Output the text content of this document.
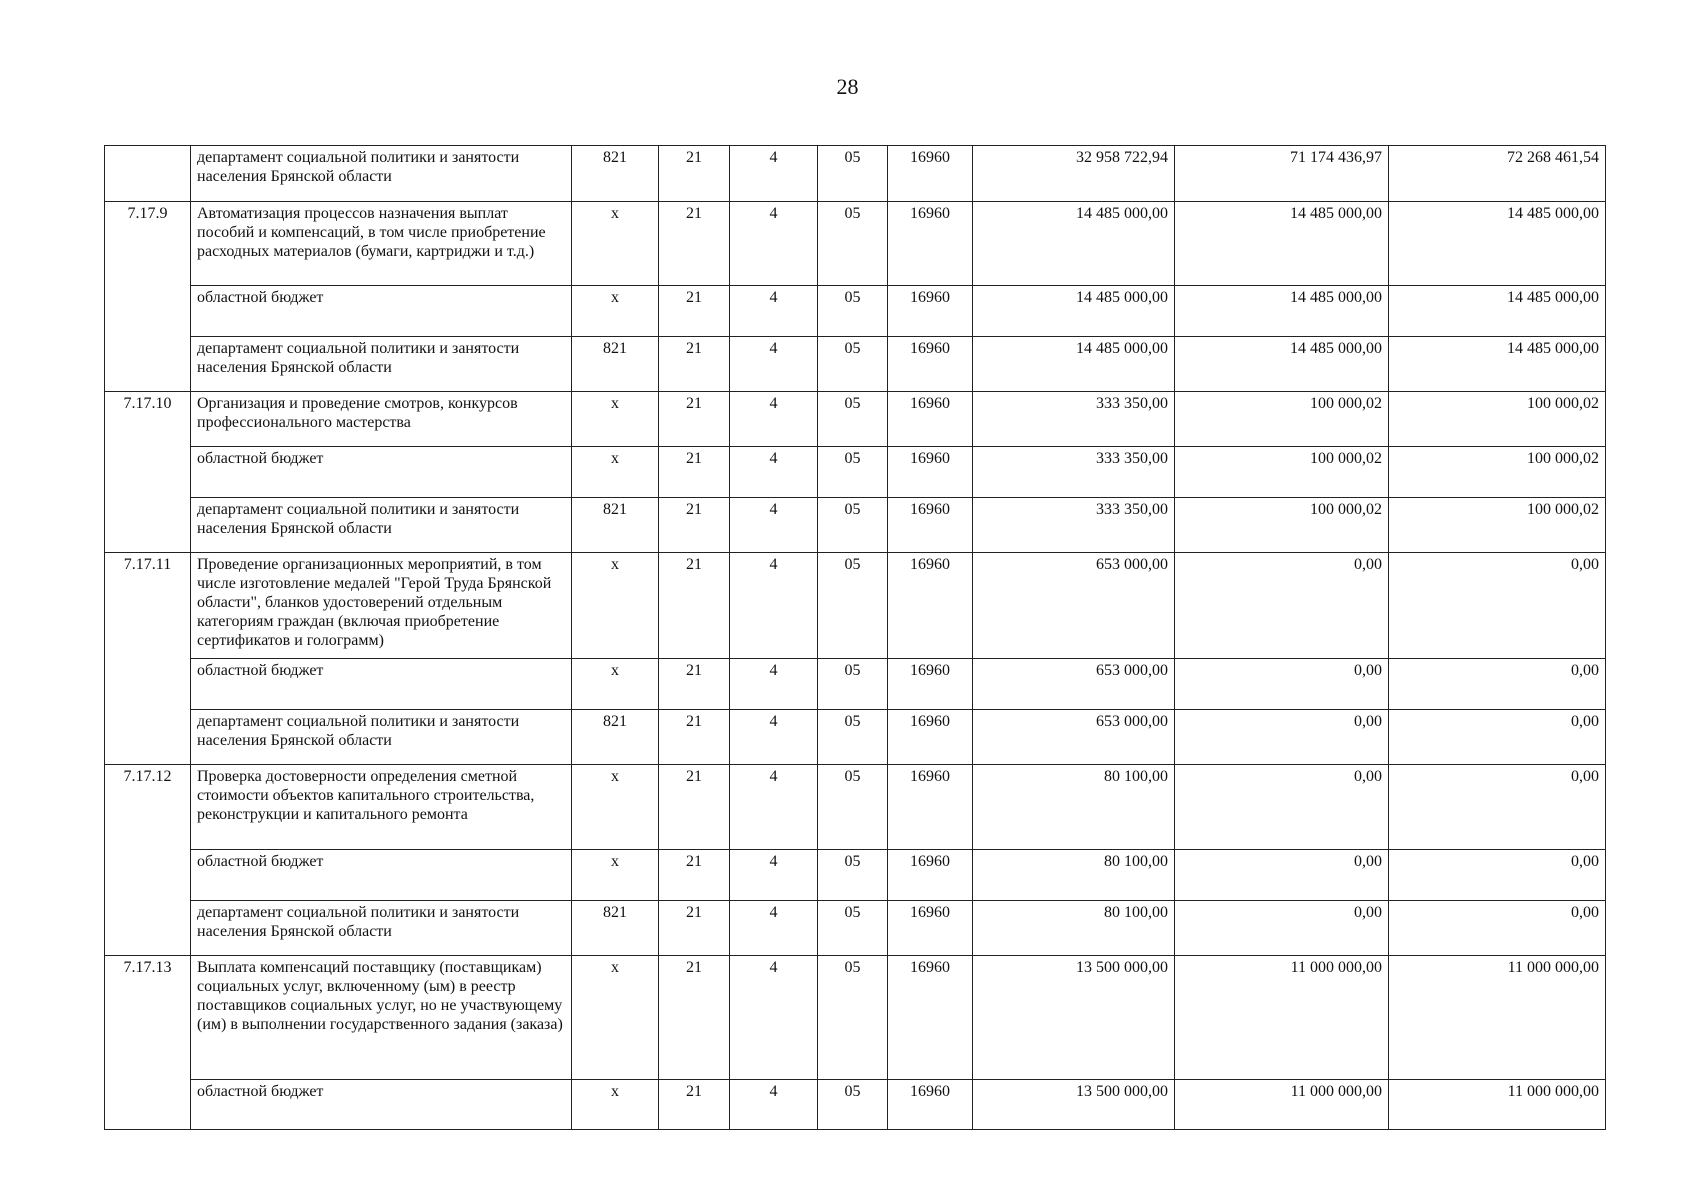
28
	департамент социальной политики и занятости населения Брянской области	821	21	4	05	16960	32 958 722,94	71 174 436,97	72 268 461,54
7.17.9	Автоматизация процессов назначения выплат пособий и компенсаций, в том числе приобретение расходных материалов (бумаги, картриджи и т.д.)	х	21	4	05	16960	14 485 000,00	14 485 000,00	14 485 000,00
	областной бюджет	х	21	4	05	16960	14 485 000,00	14 485 000,00	14 485 000,00
	департамент социальной политики и занятости населения Брянской области	821	21	4	05	16960	14 485 000,00	14 485 000,00	14 485 000,00
7.17.10	Организация и проведение смотров, конкурсов профессионального мастерства	х	21	4	05	16960	333 350,00	100 000,02	100 000,02
	областной бюджет	х	21	4	05	16960	333 350,00	100 000,02	100 000,02
	департамент социальной политики и занятости населения Брянской области	821	21	4	05	16960	333 350,00	100 000,02	100 000,02
7.17.11	Проведение организационных мероприятий, в том числе изготовление медалей "Герой Труда Брянской области", бланков удостоверений отдельным категориям граждан (включая приобретение сертификатов и голограмм)	х	21	4	05	16960	653 000,00	0,00	0,00
	областной бюджет	х	21	4	05	16960	653 000,00	0,00	0,00
	департамент социальной политики и занятости населения Брянской области	821	21	4	05	16960	653 000,00	0,00	0,00
7.17.12	Проверка достоверности определения сметной стоимости объектов капитального строительства, реконструкции и капитального ремонта	х	21	4	05	16960	80 100,00	0,00	0,00
	областной бюджет	х	21	4	05	16960	80 100,00	0,00	0,00
	департамент социальной политики и занятости населения Брянской области	821	21	4	05	16960	80 100,00	0,00	0,00
7.17.13	Выплата компенсаций поставщику (поставщикам) социальных услуг, включенному (ым) в реестр поставщиков социальных услуг, но не участвующему (им) в выполнении государственного задания (заказа)	х	21	4	05	16960	13 500 000,00	11 000 000,00	11 000 000,00
	областной бюджет	х	21	4	05	16960	13 500 000,00	11 000 000,00	11 000 000,00
